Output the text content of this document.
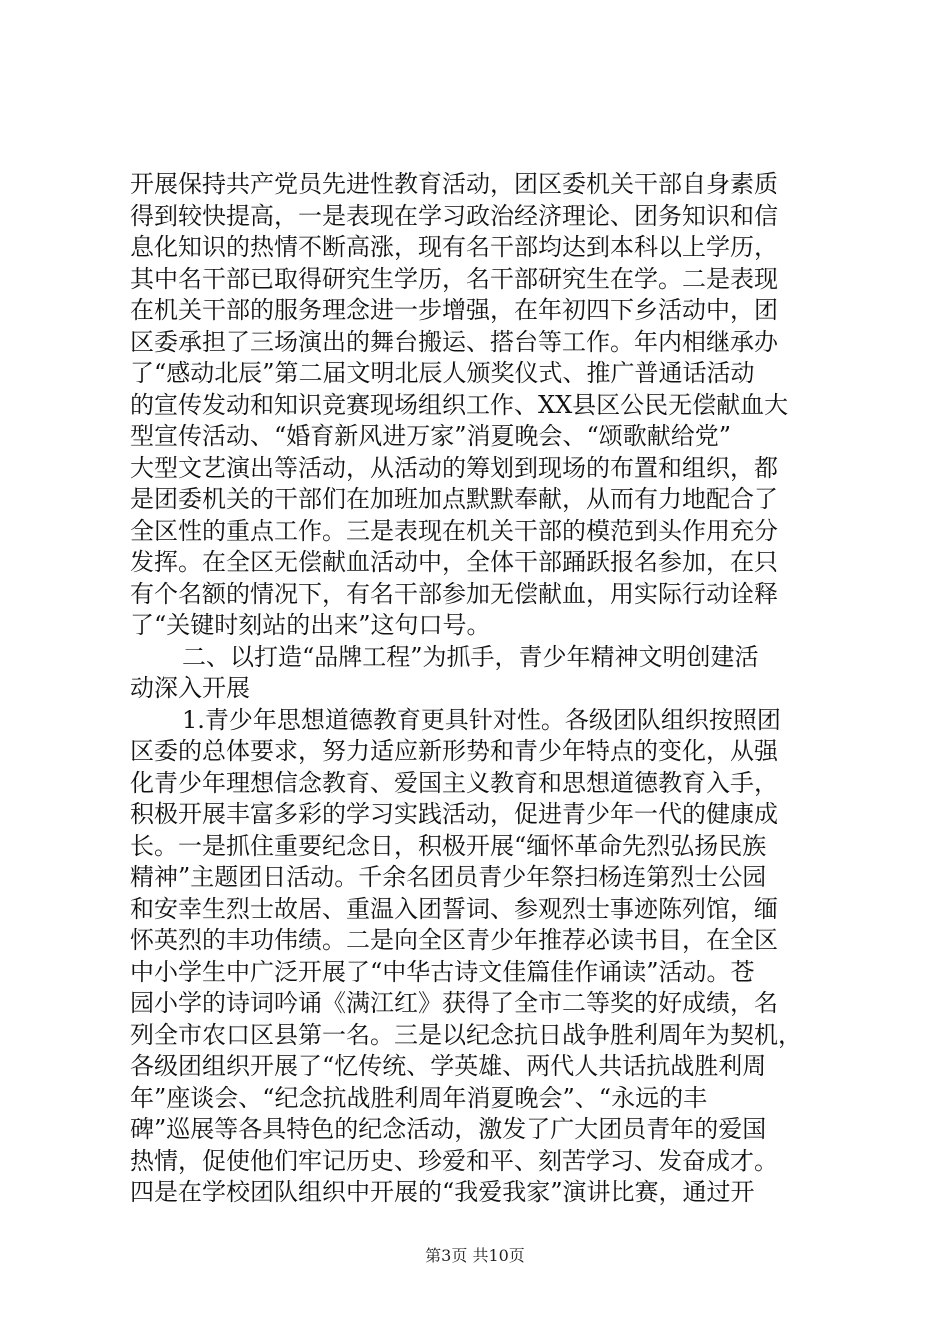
开展保持共产党员先进性教育活动，团区委机关干部自身素质
得到较快提高，一是表现在学习政治经济理论、团务知识和信
息化知识的热情不断高涨，现有名干部均达到本科以上学历，
其中名干部已取得研究生学历，名干部研究生在学。二是表现
在机关干部的服务理念进一步增强，在年初四下乡活动中，团
区委承担了三场演出的舞台搬运、搭台等工作。年内相继承办
了“感动北辰”第二届文明北辰人颁奖仪式、推广普通话活动
的宣传发动和知识竞赛现场组织工作、XX县区公民无偿献血大
型宣传活动、“婚育新风进万家”消夏晚会、“颂歌献给党”
大型文艺演出等活动，从活动的筹划到现场的布置和组织，都
是团委机关的干部们在加班加点默默奉献，从而有力地配合了
全区性的重点工作。三是表现在机关干部的模范到头作用充分
发挥。在全区无偿献血活动中，全体干部踊跃报名参加，在只
有个名额的情况下，有名干部参加无偿献血，用实际行动诠释
了“关键时刻站的出来”这句口号。
二、以打造“品牌工程”为抓手，青少年精神文明创建活
动深入开展
1.青少年思想道德教育更具针对性。各级团队组织按照团
区委的总体要求，努力适应新形势和青少年特点的变化，从强
化青少年理想信念教育、爱国主义教育和思想道德教育入手，
积极开展丰富多彩的学习实践活动，促进青少年一代的健康成
长。一是抓住重要纪念日，积极开展“缅怀革命先烈弘扬民族
精神”主题团日活动。千余名团员青少年祭扫杨连第烈士公园
和安幸生烈士故居、重温入团誓词、参观烈士事迹陈列馆，缅
怀英烈的丰功伟绩。二是向全区青少年推荐必读书目，在全区
中小学生中广泛开展了“中华古诗文佳篇佳作诵读”活动。苍
园小学的诗词吟诵《满江红》获得了全市二等奖的好成绩，名
列全市农口区县第一名。三是以纪念抗日战争胜利周年为契机，
各级团组织开展了“忆传统、学英雄、两代人共话抗战胜利周
年”座谈会、“纪念抗战胜利周年消夏晚会”、“永远的丰
碑”巡展等各具特色的纪念活动，激发了广大团员青年的爱国
热情，促使他们牢记历史、珍爱和平、刻苦学习、发奋成才。
四是在学校团队组织中开展的“我爱我家”演讲比赛，通过开
第3页 共10页
